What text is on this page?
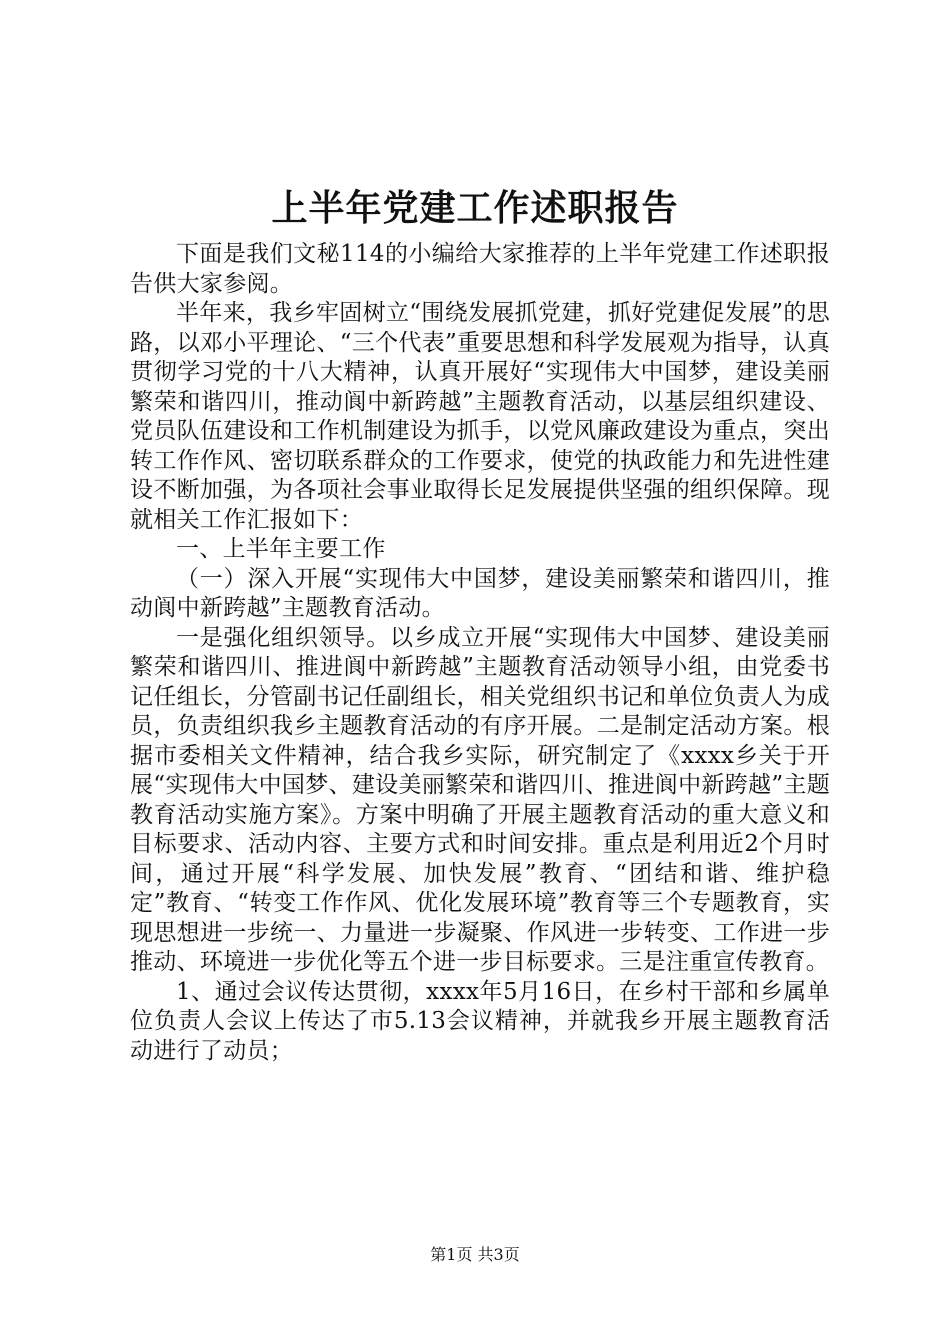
上半年党建工作述职报告

下面是我们文秘114的小编给大家推荐的上半年党建工作述职报告供大家参阅。

半年来，我乡牢固树立“围绕发展抓党建，抓好党建促发展”的思路，以邓小平理论、“三个代表”重要思想和科学发展观为指导，认真贯彻学习党的十八大精神，认真开展好“实现伟大中国梦，建设美丽繁荣和谐四川，推动阆中新跨越”主题教育活动，以基层组织建设、党员队伍建设和工作机制建设为抓手，以党风廉政建设为重点，突出转工作作风、密切联系群众的工作要求，使党的执政能力和先进性建设不断加强，为各项社会事业取得长足发展提供坚强的组织保障。现就相关工作汇报如下：

一、上半年主要工作

（一）深入开展“实现伟大中国梦，建设美丽繁荣和谐四川，推动阆中新跨越”主题教育活动。

一是强化组织领导。以乡成立开展“实现伟大中国梦、建设美丽繁荣和谐四川、推进阆中新跨越”主题教育活动领导小组，由党委书记任组长，分管副书记任副组长，相关党组织书记和单位负责人为成员，负责组织我乡主题教育活动的有序开展。二是制定活动方案。根据市委相关文件精神，结合我乡实际，研究制定了《xxxx乡关于开展“实现伟大中国梦、建设美丽繁荣和谐四川、推进阆中新跨越”主题教育活动实施方案》。方案中明确了开展主题教育活动的重大意义和目标要求、活动内容、主要方式和时间安排。重点是利用近2个月时间，通过开展“科学发展、加快发展”教育、“团结和谐、维护稳定”教育、“转变工作作风、优化发展环境”教育等三个专题教育，实现思想进一步统一、力量进一步凝聚、作风进一步转变、工作进一步推动、环境进一步优化等五个进一步目标要求。三是注重宣传教育。

1、通过会议传达贯彻，xxxx年5月16日，在乡村干部和乡属单位负责人会议上传达了市5.13会议精神，并就我乡开展主题教育活动进行了动员；

第1页 共3页
